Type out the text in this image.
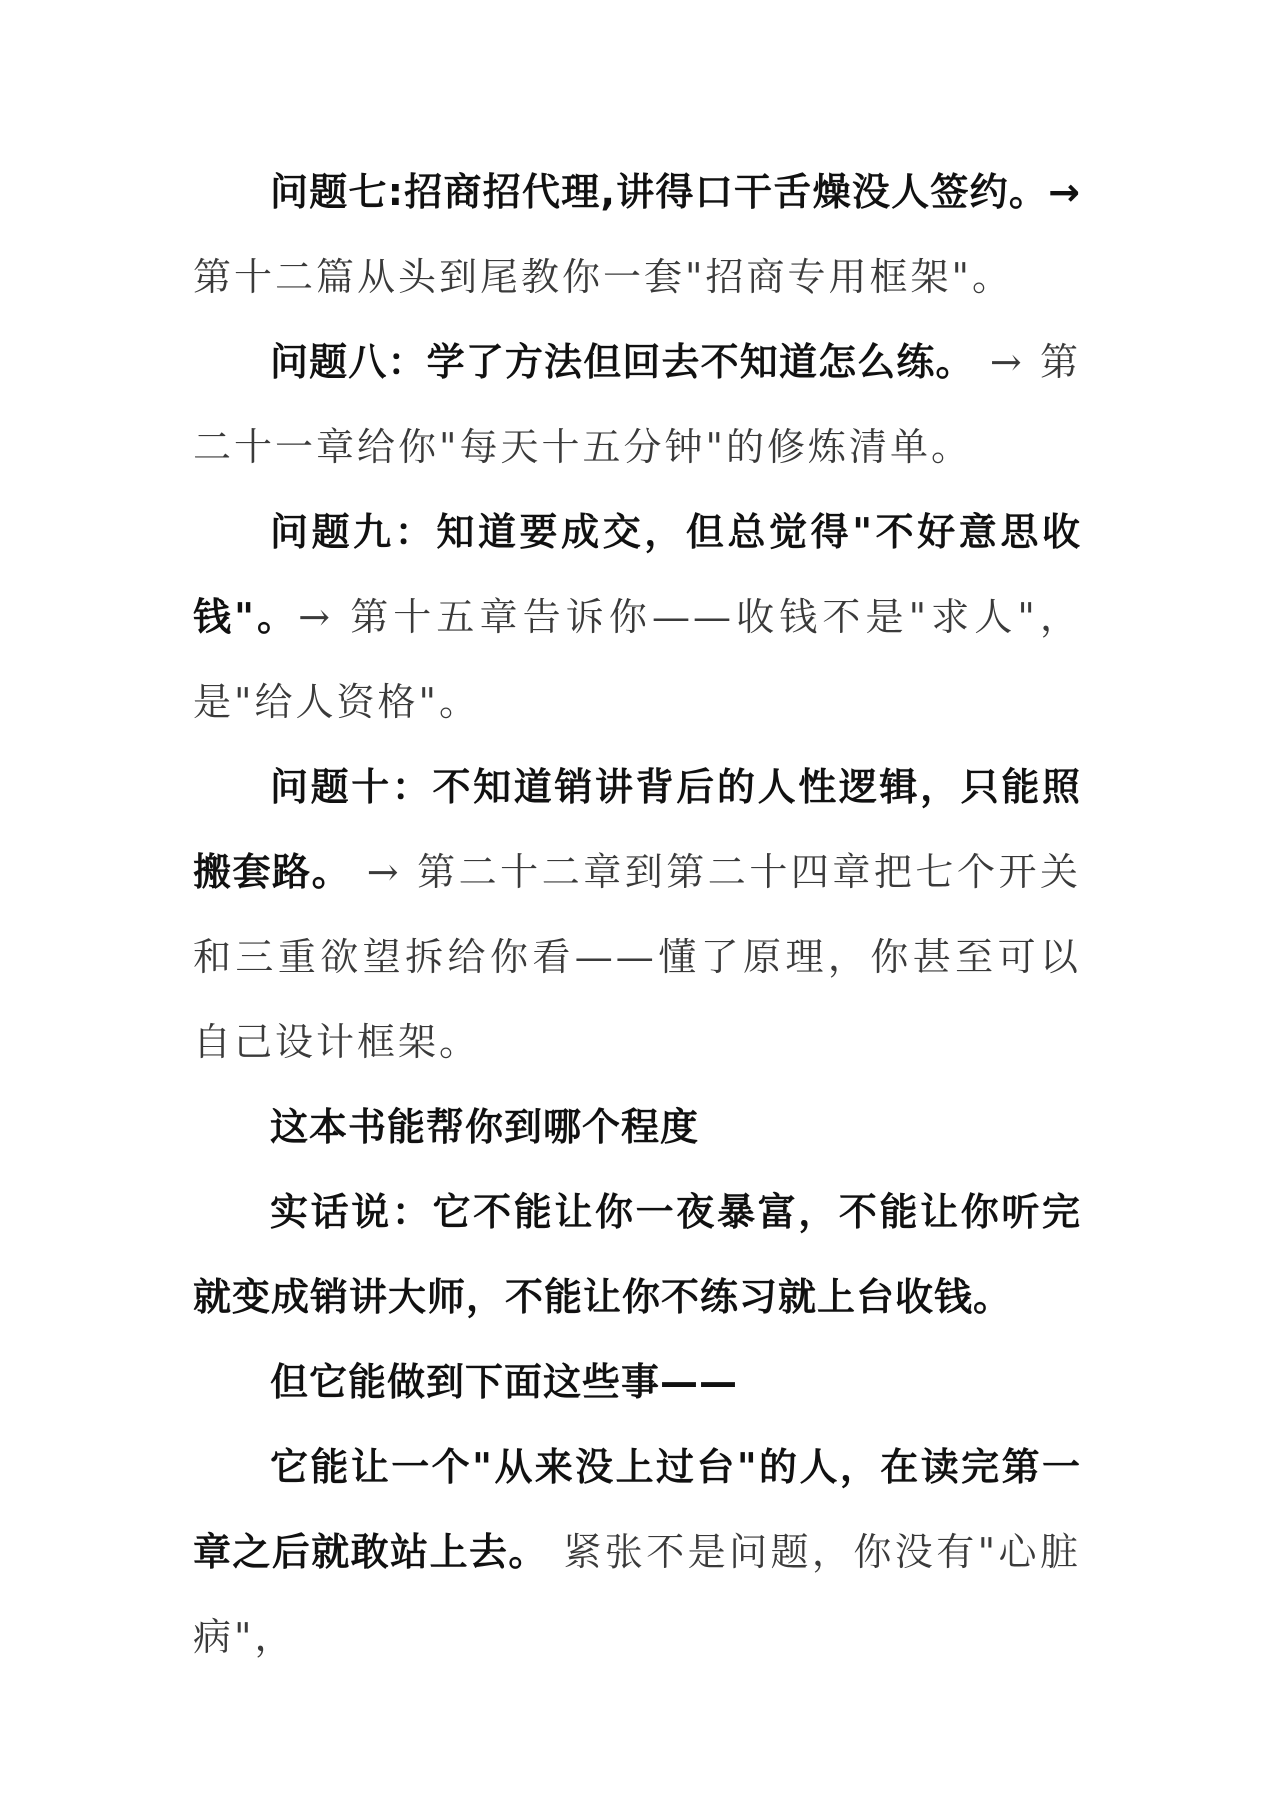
问题七:招商招代理,讲得口干舌燥没人签约。→第十二篇从头到尾教你一套"招商专用框架"。

问题八：学了方法但回去不知道怎么练。 → 第二十一章给你"每天十五分钟"的修炼清单。

问题九：知道要成交，但总觉得"不好意思收钱"。→ 第十五章告诉你——收钱不是"求人"，是"给人资格"。

问题十：不知道销讲背后的人性逻辑，只能照搬套路。 → 第二十二章到第二十四章把七个开关和三重欲望拆给你看——懂了原理，你甚至可以自己设计框架。

这本书能帮你到哪个程度

实话说：它不能让你一夜暴富，不能让你听完就变成销讲大师，不能让你不练习就上台收钱。

但它能做到下面这些事——

它能让一个"从来没上过台"的人，在读完第一章之后就敢站上去。 紧张不是问题，你没有"心脏病"，
